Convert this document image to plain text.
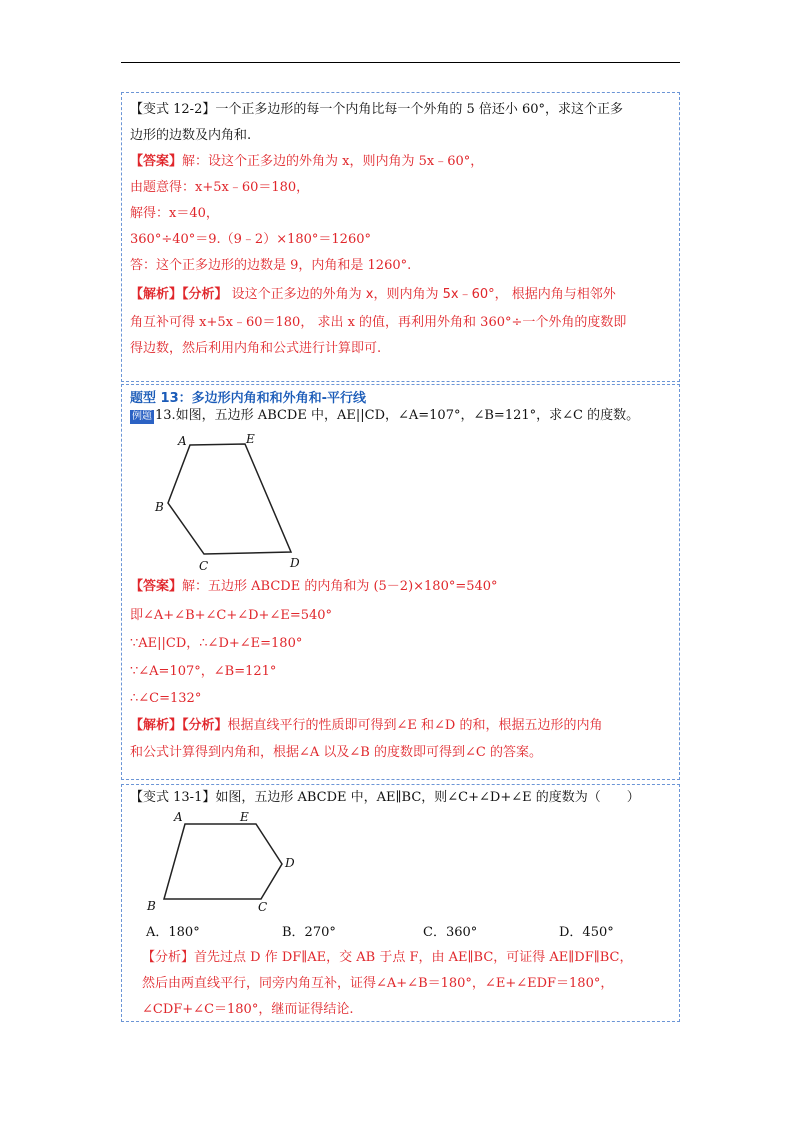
【变式 12-2】一个正多边形的每一个内角比每一个外角的 5 倍还小 60°，求这个正多
边形的边数及内角和.
【答案】解：设这个正多边的外角为 x，则内角为 5x﹣60°，
由题意得：x+5x﹣60＝180，
解得：x＝40，
360°÷40°＝9.（9﹣2）×180°＝1260°
答：这个正多边形的边数是 9，内角和是 1260°.
【解析】【分析】 设这个正多边的外角为 x，则内角为 5x﹣60°， 根据内角与相邻外
角互补可得 x+5x﹣60＝180， 求出 x 的值，再利用外角和 360°÷一个外角的度数即
得边数，然后利用内角和公式进行计算即可.
题型 13：多边形内角和和外角和-平行线
例题 13.如图，五边形 ABCDE 中，AE||CD，∠A=107°，∠B=121°，求∠C 的度数。
A	E
B
C	D
【答案】解：五边形 ABCDE 的内角和为 (5－2)×180°=540°
即∠A+∠B+∠C+∠D+∠E=540°
∵AE||CD，∴∠D+∠E=180°
∵∠A=107°，∠B=121°
∴∠C=132°
【解析】【分析】根据直线平行的性质即可得到∠E 和∠D 的和，根据五边形的内角
和公式计算得到内角和，根据∠A 以及∠B 的度数即可得到∠C 的答案。
【变式 13-1】如图，五边形 ABCDE 中，AE∥BC，则∠C+∠D+∠E 的度数为（　　）
A	E
D
B	C
A．180°	B．270°	C．360°	D．450°
【分析】首先过点 D 作 DF∥AE，交 AB 于点 F，由 AE∥BC，可证得 AE∥DF∥BC，
然后由两直线平行，同旁内角互补，证得∠A+∠B＝180°，∠E+∠EDF＝180°，
∠CDF+∠C＝180°，继而证得结论.
